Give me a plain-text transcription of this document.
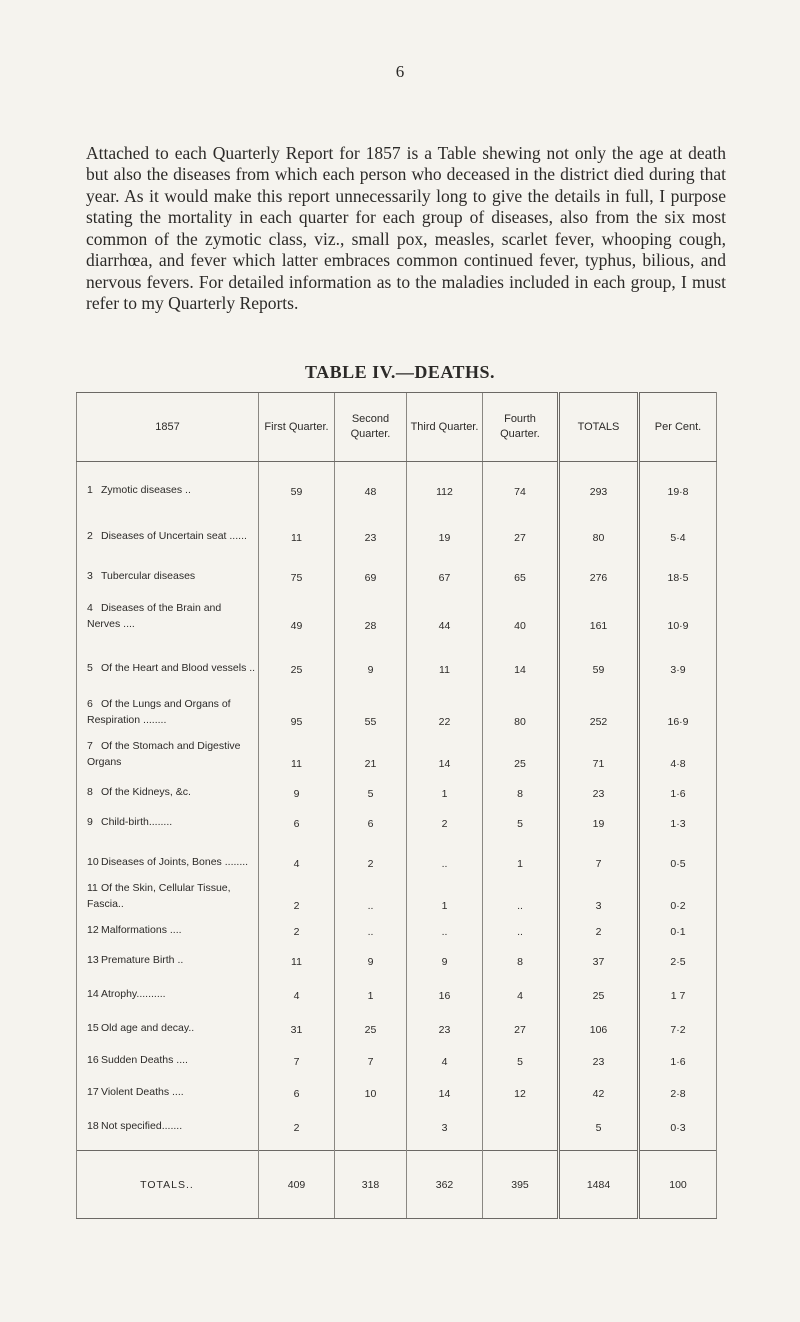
6

Attached to each Quarterly Report for 1857 is a Table shewing not only the age at death but also the diseases from which each person who deceased in the district died during that year. As it would make this report unnecessarily long to give the details in full, I purpose stating the mortality in each quarter for each group of diseases, also from the six most common of the zymotic class, viz., small pox, measles, scarlet fever, whooping cough, diarrhœa, and fever which latter embraces common continued fever, typhus, bilious, and nervous fevers. For detailed information as to the maladies included in each group, I must refer to my Quarterly Reports.

TABLE IV.—DEATHS.
1857	First Quarter.	Second Quarter.	Third Quarter.	Fourth Quarter.	TOTALS	Per Cent.
1 Zymotic diseases ..	59	48	112	74	293	19·8
2 Diseases of Uncertain seat ......	11	23	19	27	80	5·4
3 Tubercular diseases	75	69	67	65	276	18·5
4 Diseases of the Brain and Nerves ....	49	28	44	40	161	10·9
5 Of the Heart and Blood vessels ..	25	9	11	14	59	3·9
6 Of the Lungs and Organs of Respiration ........	95	55	22	80	252	16·9
7 Of the Stomach and Digestive Organs	11	21	14	25	71	4·8
8 Of the Kidneys, &c.	9	5	1	8	23	1·6
9 Child-birth........	6	6	2	5	19	1·3
10 Diseases of Joints, Bones ........	4	2	..	1	7	0·5
11 Of the Skin, Cellular Tissue, Fascia..	2	..	1	..	3	0·2
12 Malformations ....	2	..	..	..	2	0·1
13 Premature Birth ..	11	9	9	8	37	2·5
14 Atrophy..........	4	1	16	4	25	1 7
15 Old age and decay..	31	25	23	27	106	7·2
16 Sudden Deaths ....	7	7	4	5	23	1·6
17 Violent Deaths ....	6	10	14	12	42	2·8
18 Not specified.......	2		3		5	0·3

TOTALS..	409	318	362	395	1484	100
